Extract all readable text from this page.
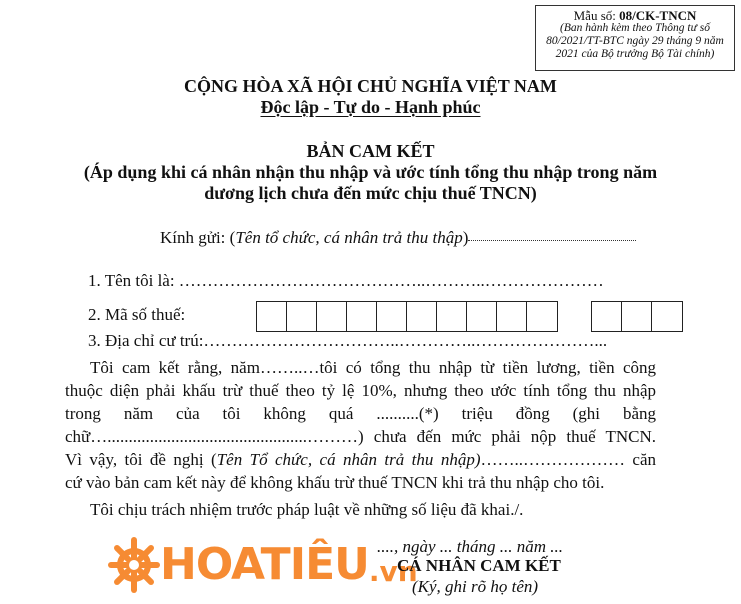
Mẫu số: 08/CK-TNCN
(Ban hành kèm theo Thông tư số
80/2021/TT-BTC ngày 29 tháng 9 năm
2021 của Bộ trưởng Bộ Tài chính)
CỘNG HÒA XÃ HỘI CHỦ NGHĨA VIỆT NAM
Độc lập - Tự do - Hạnh phúc
BẢN CAM KẾT
(Áp dụng khi cá nhân nhận thu nhập và ước tính tổng thu nhập trong năm
dương lịch chưa đến mức chịu thuế TNCN)
Kính gửi: (Tên tổ chức, cá nhân trả thu thập)
1. Tên tôi là: ……………………………………..………..…………………
2. Mã số thuế:
3. Địa chỉ cư trú:……………………………..…………..…………………...
Tôi cam kết rằng, năm……..…tôi có tổng thu nhập từ tiền lương, tiền công
thuộc diện phải khấu trừ thuế theo tỷ lệ 10%, nhưng theo ước tính tổng thu nhập
trong năm của tôi không quá ..........(*) triệu đồng (ghi bằng
chữ…...............................................………) chưa đến mức phải nộp thuế TNCN.
Vì vậy, tôi đề nghị (Tên Tổ chức, cá nhân trả thu nhập)……..……………… căn
cứ vào bản cam kết này để không khấu trừ thuế TNCN khi trả thu nhập cho tôi.
Tôi chịu trách nhiệm trước pháp luật về những số liệu đã khai./.
HOATIÊU .vn
...., ngày ... tháng ... năm ...
CÁ NHÂN CAM KẾT
(Ký, ghi rõ họ tên)
